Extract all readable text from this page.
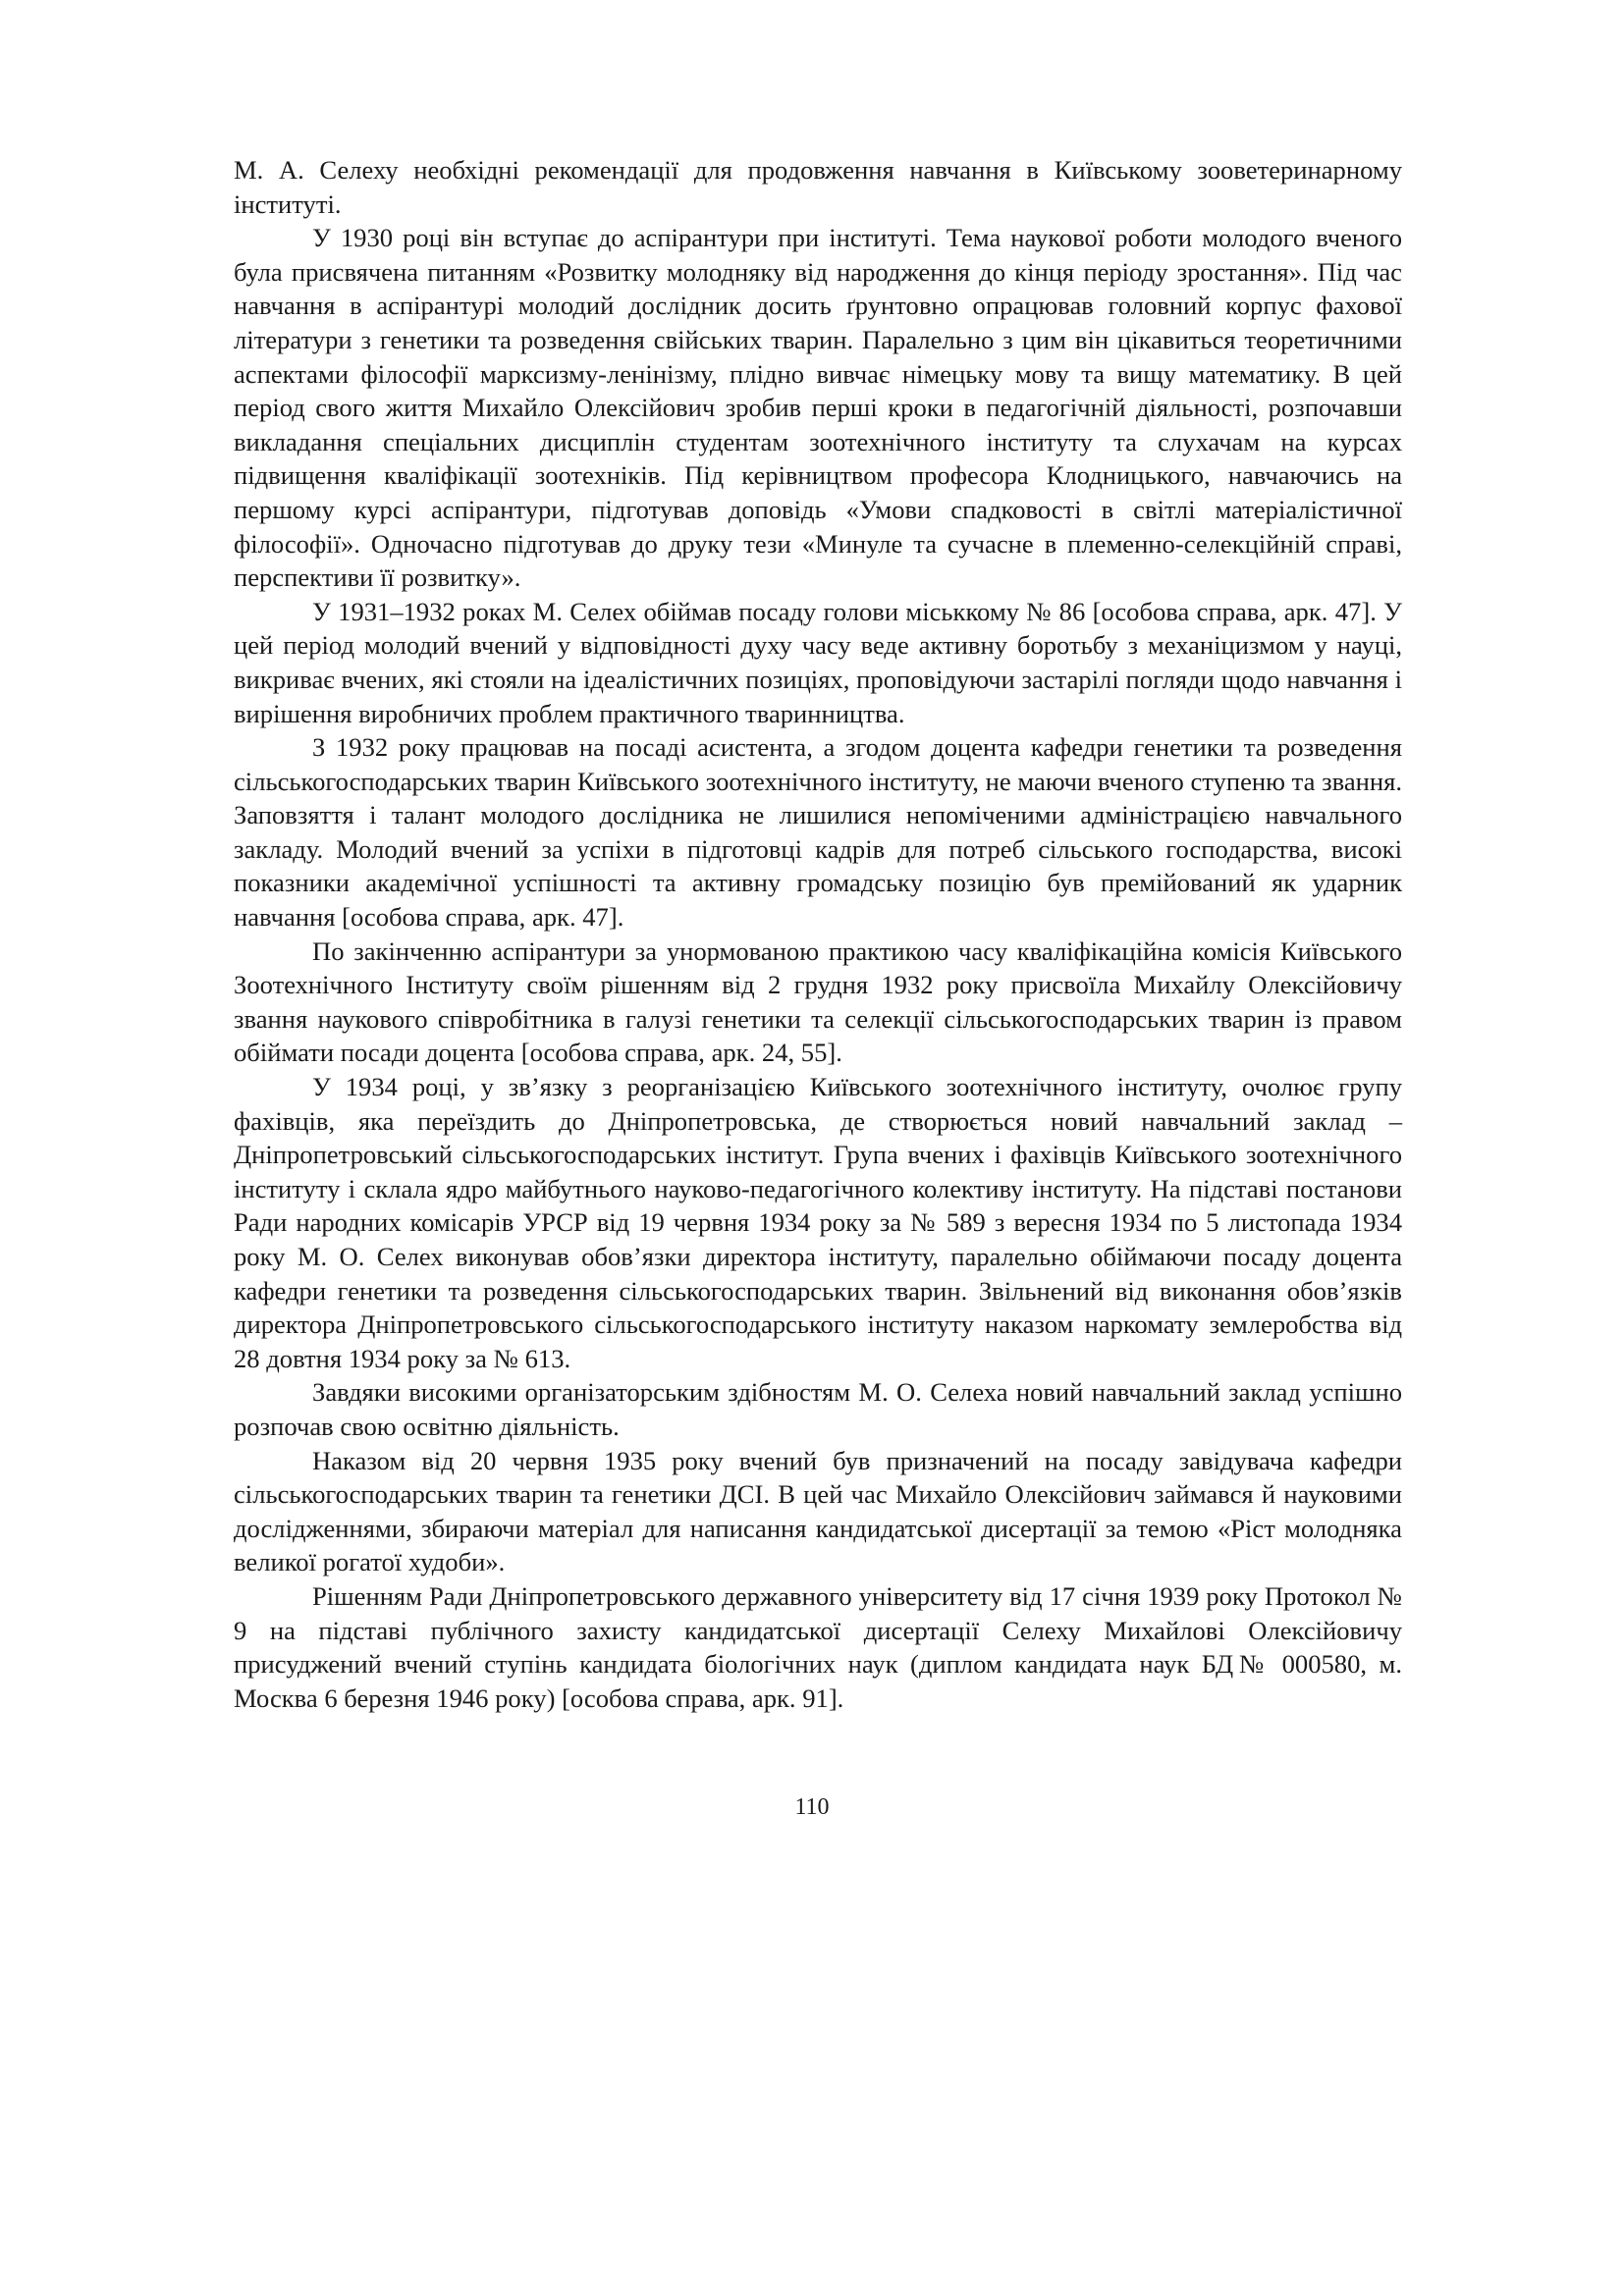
М. А. Селеху необхідні рекомендації для продовження навчання в Київському зооветеринарному інституті.

У 1930 році він вступає до аспірантури при інституті. Тема наукової роботи молодого вченого була присвячена питанням «Розвитку молодняку від народження до кінця періоду зростання». Під час навчання в аспірантурі молодий дослідник досить ґрунтовно опрацював головний корпус фахової літератури з генетики та розведення свійських тварин. Паралельно з цим він цікавиться теоретичними аспектами філософії марксизму-ленінізму, плідно вивчає німецьку мову та вищу математику. В цей період свого життя Михайло Олексійович зробив перші кроки в педагогічній діяльності, розпочавши викладання спеціальних дисциплін студентам зоотехнічного інституту та слухачам на курсах підвищення кваліфікації зоотехніків. Під керівництвом професора Клодницького, навчаючись на першому курсі аспірантури, підготував доповідь «Умови спадковості в світлі матеріалістичної філософії». Одночасно підготував до друку тези «Минуле та сучасне в племенно-селекційній справі, перспективи її розвитку».

У 1931–1932 роках М. Селех обіймав посаду голови міськкому № 86 [особова справа, арк. 47]. У цей період молодий вчений у відповідності духу часу веде активну боротьбу з механіцизмом у науці, викриває вчених, які стояли на ідеалістичних позиціях, проповідуючи застарілі погляди щодо навчання і вирішення виробничих проблем практичного тваринництва.

З 1932 року працював на посаді асистента, а згодом доцента кафедри генетики та розведення сільськогосподарських тварин Київського зоотехнічного інституту, не маючи вченого ступеню та звання. Заповзяття і талант молодого дослідника не лишилися непоміченими адміністрацією навчального закладу. Молодий вчений за успіхи в підготовці кадрів для потреб сільського господарства, високі показники академічної успішності та активну громадську позицію був премійований як ударник навчання [особова справа, арк. 47].

По закінченню аспірантури за унормованою практикою часу кваліфікаційна комісія Київського Зоотехнічного Інституту своїм рішенням від 2 грудня 1932 року присвоїла Михайлу Олексійовичу звання наукового співробітника в галузі генетики та селекції сільськогосподарських тварин із правом обіймати посади доцента [особова справа, арк. 24, 55].

У 1934 році, у зв’язку з реорганізацією Київського зоотехнічного інституту, очолює групу фахівців, яка переїздить до Дніпропетровська, де створюється новий навчальний заклад – Дніпропетровський сільськогосподарських інститут. Група вчених і фахівців Київського зоотехнічного інституту і склала ядро майбутнього науково-педагогічного колективу інституту. На підставі постанови Ради народних комісарів УРСР від 19 червня 1934 року за № 589 з вересня 1934 по 5 листопада 1934 року М. О. Селех виконував обов’язки директора інституту, паралельно обіймаючи посаду доцента кафедри генетики та розведення сільськогосподарських тварин. Звільнений від виконання обов’язків директора Дніпропетровського сільськогосподарського інституту наказом наркомату землеробства від 28 довтня 1934 року за № 613.

Завдяки високими організаторським здібностям М. О. Селеха новий навчальний заклад успішно розпочав свою освітню діяльність.

Наказом від 20 червня 1935 року вчений був призначений на посаду завідувача кафедри сільськогосподарських тварин та генетики ДСІ. В цей час Михайло Олексійович займався й науковими дослідженнями, збираючи матеріал для написання кандидатської дисертації за темою «Ріст молодняка великої рогатої худоби».

Рішенням Ради Дніпропетровського державного університету від 17 січня 1939 року Протокол № 9 на підставі публічного захисту кандидатської дисертації Селеху Михайлові Олексійовичу присуджений вчений ступінь кандидата біологічних наук (диплом кандидата наук БД№ 000580, м. Москва 6 березня 1946 року) [особова справа, арк. 91].

110
